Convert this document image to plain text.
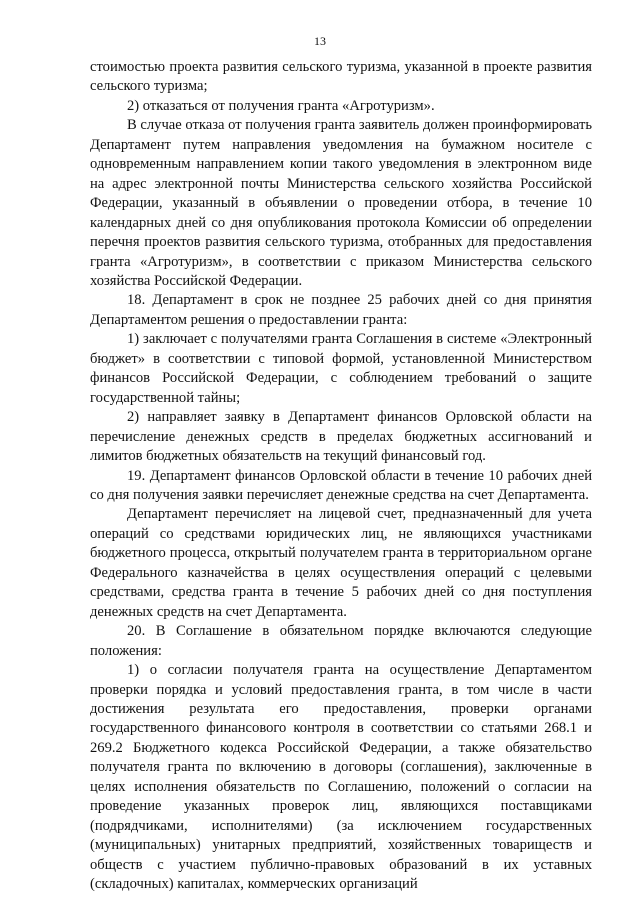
13

стоимостью проекта развития сельского туризма, указанной в проекте развития сельского туризма;

2) отказаться от получения гранта «Агротуризм».

В случае отказа от получения гранта заявитель должен проинформировать Департамент путем направления уведомления на бумажном носителе с одновременным направлением копии такого уведомления в электронном виде на адрес электронной почты Министерства сельского хозяйства Российской Федерации, указанный в объявлении о проведении отбора, в течение 10 календарных дней со дня опубликования протокола Комиссии об определении перечня проектов развития сельского туризма, отобранных для предоставления гранта «Агротуризм», в соответствии с приказом Министерства сельского хозяйства Российской Федерации.

18. Департамент в срок не позднее 25 рабочих дней со дня принятия Департаментом решения о предоставлении гранта:

1) заключает с получателями гранта Соглашения в системе «Электронный бюджет» в соответствии с типовой формой, установленной Министерством финансов Российской Федерации, с соблюдением требований о защите государственной тайны;

2) направляет заявку в Департамент финансов Орловской области на перечисление денежных средств в пределах бюджетных ассигнований и лимитов бюджетных обязательств на текущий финансовый год.

19. Департамент финансов Орловской области в течение 10 рабочих дней со дня получения заявки перечисляет денежные средства на счет Департамента.

Департамент перечисляет на лицевой счет, предназначенный для учета операций со средствами юридических лиц, не являющихся участниками бюджетного процесса, открытый получателем гранта в территориальном органе Федерального казначейства в целях осуществления операций с целевыми средствами, средства гранта в течение 5 рабочих дней со дня поступления денежных средств на счет Департамента.

20. В Соглашение в обязательном порядке включаются следующие положения:

1) о согласии получателя гранта на осуществление Департаментом проверки порядка и условий предоставления гранта, в том числе в части достижения результата его предоставления, проверки органами государственного финансового контроля в соответствии со статьями 268.1 и 269.2 Бюджетного кодекса Российской Федерации, а также обязательство получателя гранта по включению в договоры (соглашения), заключенные в целях исполнения обязательств по Соглашению, положений о согласии на проведение указанных проверок лиц, являющихся поставщиками (подрядчиками, исполнителями) (за исключением государственных (муниципальных) унитарных предприятий, хозяйственных товариществ и обществ с участием публично-правовых образований в их уставных (складочных) капиталах, коммерческих организаций
